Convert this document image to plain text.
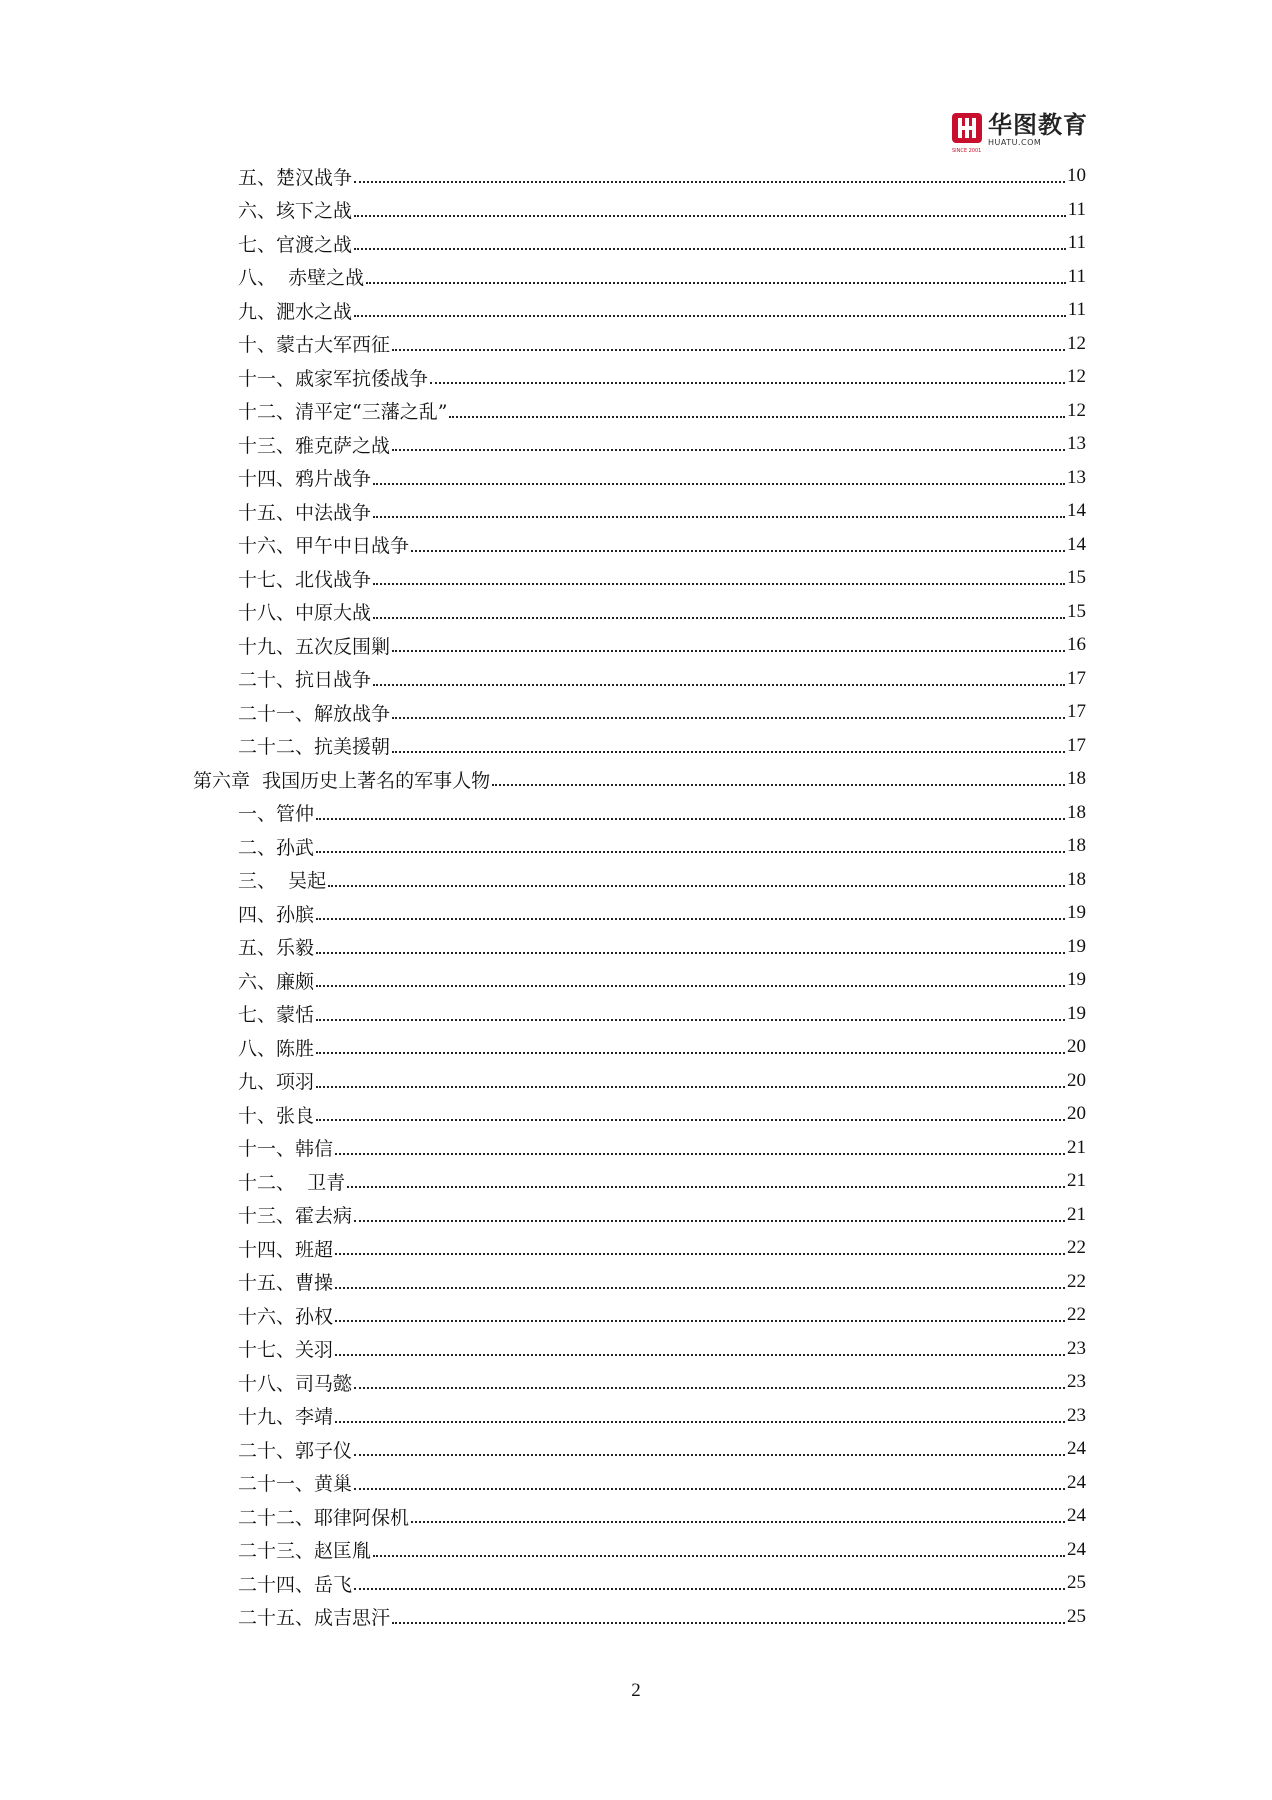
SINCE 2001
华图教育
HUATU.COM
五、楚汉战争	10
六、垓下之战	11
七、官渡之战	11
八、  赤壁之战	11
九、淝水之战	11
十、蒙古大军西征	12
十一、戚家军抗倭战争	12
十二、清平定“三藩之乱”	12
十三、雅克萨之战	13
十四、鸦片战争	13
十五、中法战争	14
十六、甲午中日战争	14
十七、北伐战争	15
十八、中原大战	15
十九、五次反围剿	16
二十、抗日战争	17
二十一、解放战争	17
二十二、抗美援朝	17
第六章  我国历史上著名的军事人物	18
一、管仲	18
二、孙武	18
三、  吴起	18
四、孙膑	19
五、乐毅	19
六、廉颇	19
七、蒙恬	19
八、陈胜	20
九、项羽	20
十、张良	20
十一、韩信	21
十二、  卫青	21
十三、霍去病	21
十四、班超	22
十五、曹操	22
十六、孙权	22
十七、关羽	23
十八、司马懿	23
十九、李靖	23
二十、郭子仪	24
二十一、黄巢	24
二十二、耶律阿保机	24
二十三、赵匡胤	24
二十四、岳飞	25
二十五、成吉思汗	25
2
